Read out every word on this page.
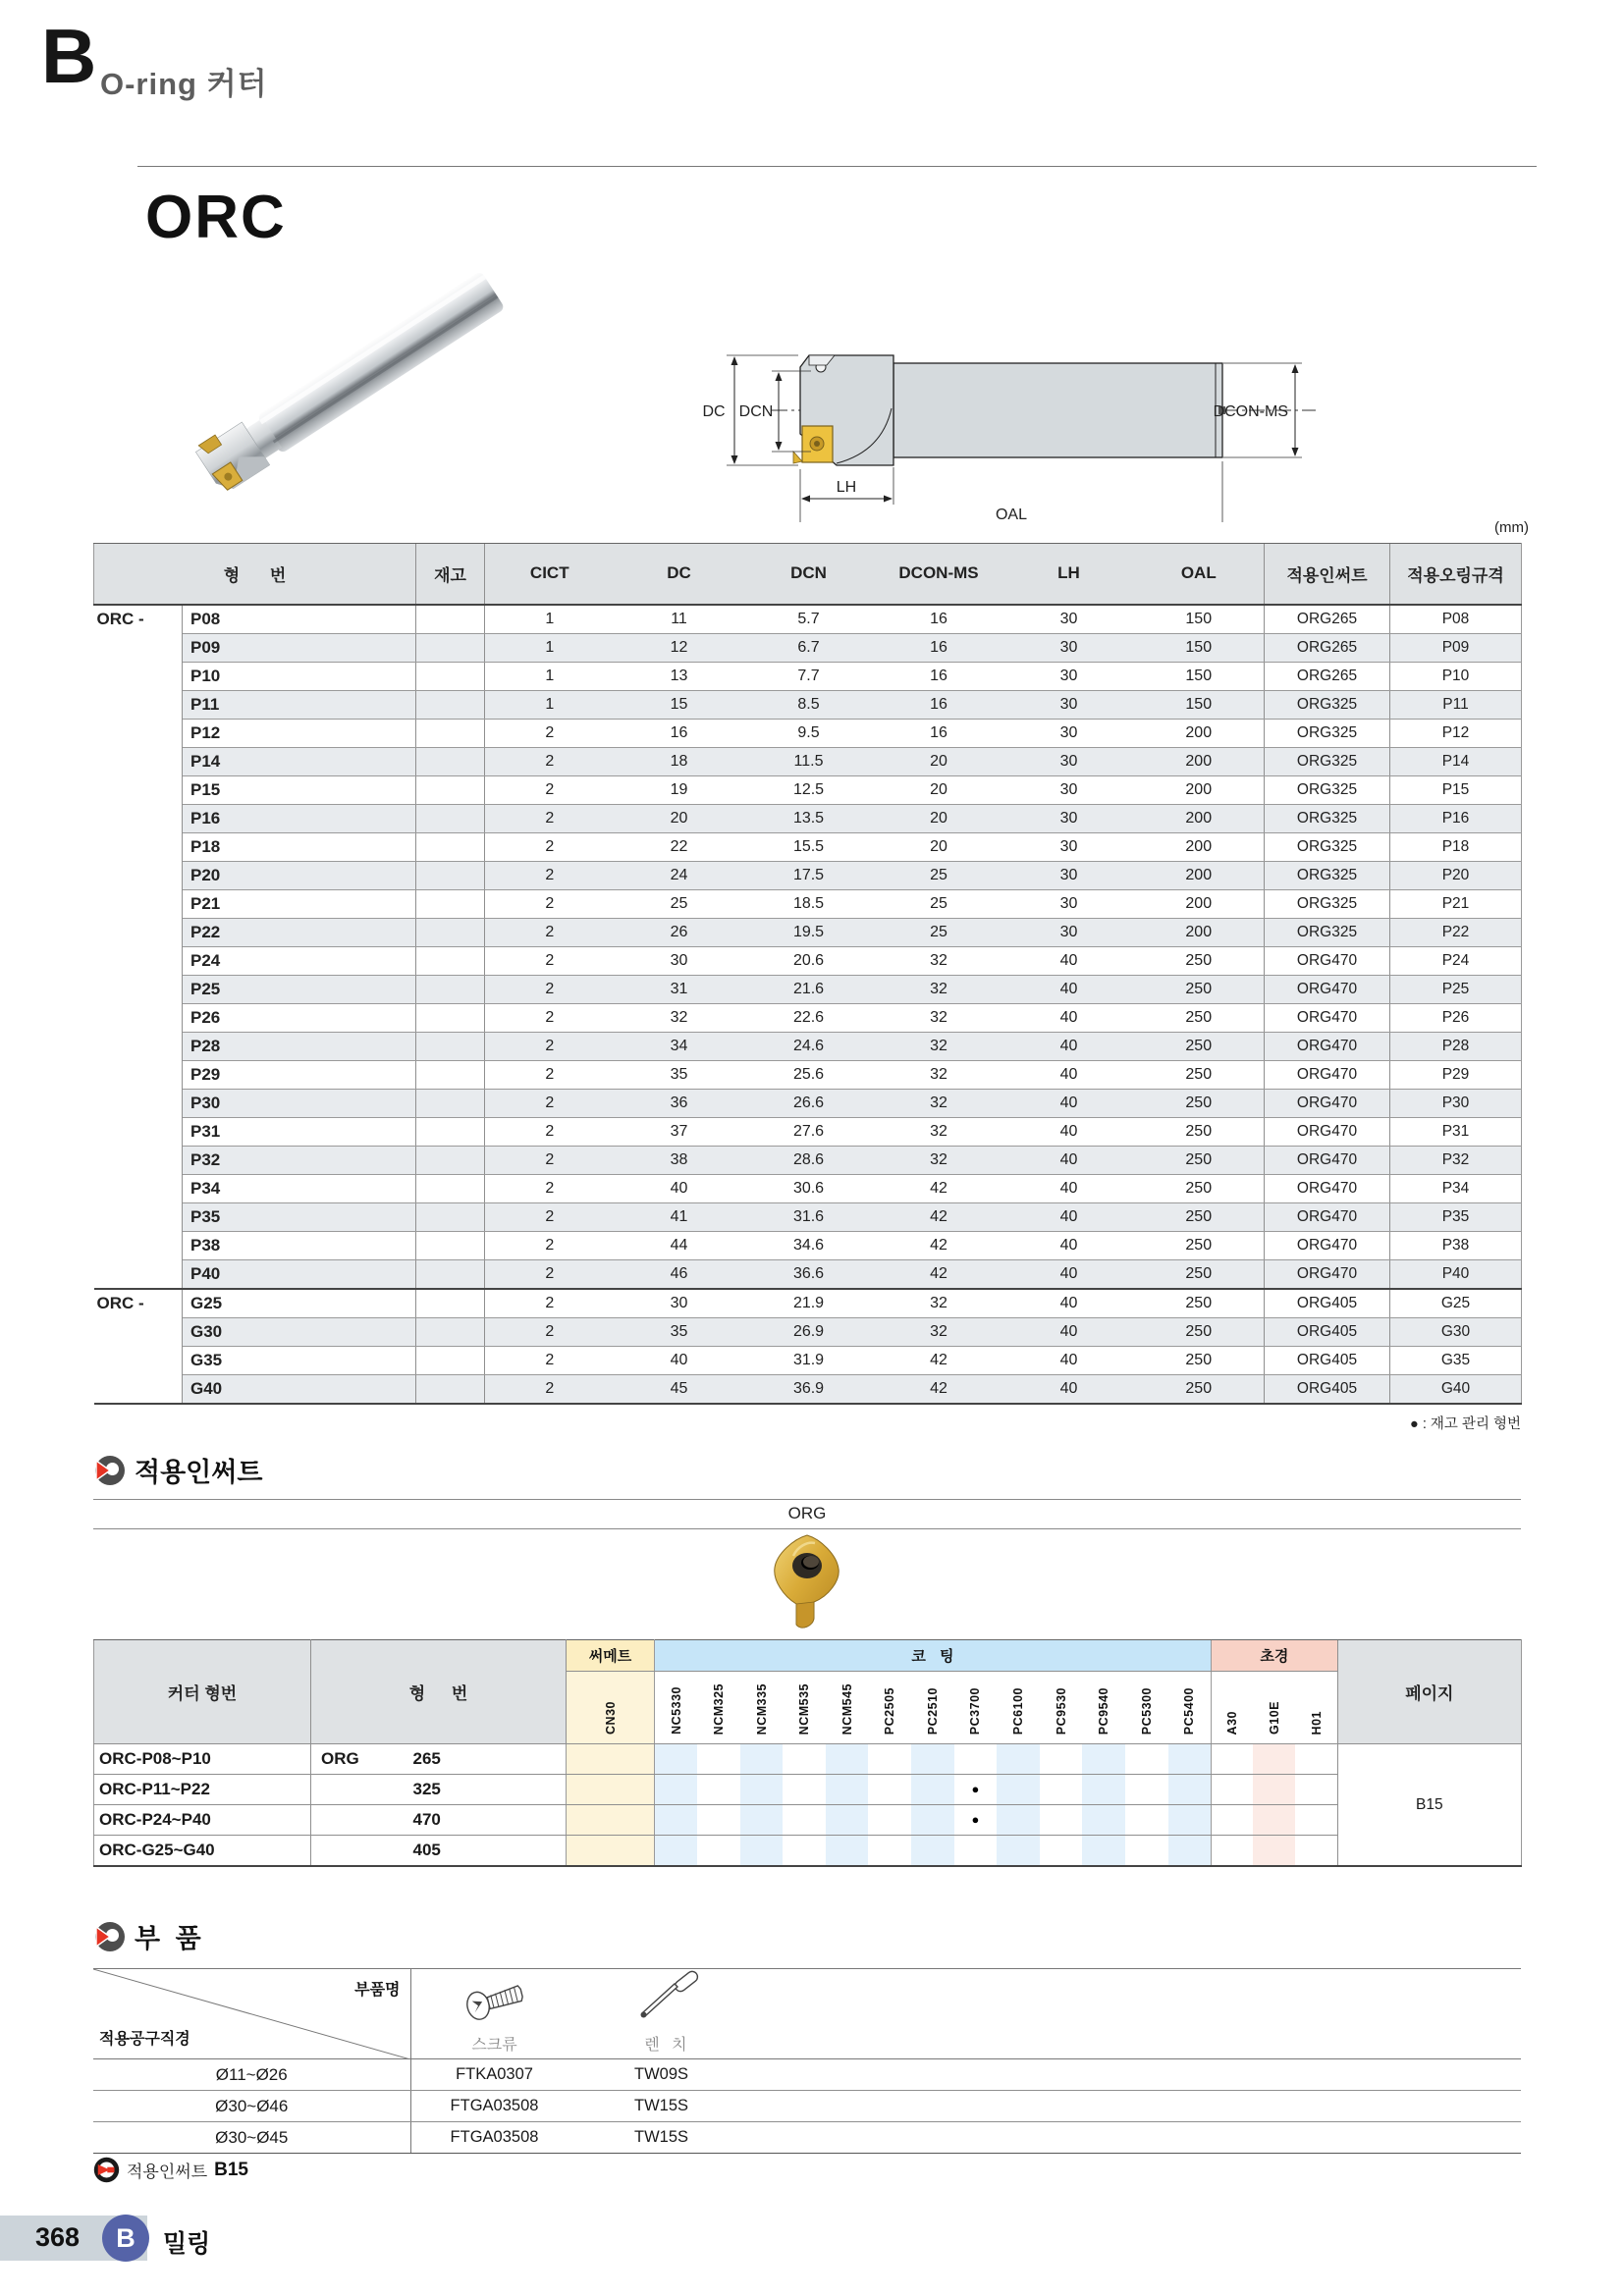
B O-ring 커터
ORC
DC DCN	DCON-MS
LH
OAL
(mm)
형 번		재고	CICT	DC	DCN	DCON-MS	LH	OAL	적용인써트	적용오링규격
ORC -	P08		1	11	5.7	16	30	150	ORG265	P08
	P09		1	12	6.7	16	30	150	ORG265	P09
	P10		1	13	7.7	16	30	150	ORG265	P10
	P11		1	15	8.5	16	30	150	ORG325	P11
	P12		2	16	9.5	16	30	200	ORG325	P12
	P14		2	18	11.5	20	30	200	ORG325	P14
	P15		2	19	12.5	20	30	200	ORG325	P15
	P16		2	20	13.5	20	30	200	ORG325	P16
	P18		2	22	15.5	20	30	200	ORG325	P18
	P20		2	24	17.5	25	30	200	ORG325	P20
	P21		2	25	18.5	25	30	200	ORG325	P21
	P22		2	26	19.5	25	30	200	ORG325	P22
	P24		2	30	20.6	32	40	250	ORG470	P24
	P25		2	31	21.6	32	40	250	ORG470	P25
	P26		2	32	22.6	32	40	250	ORG470	P26
	P28		2	34	24.6	32	40	250	ORG470	P28
	P29		2	35	25.6	32	40	250	ORG470	P29
	P30		2	36	26.6	32	40	250	ORG470	P30
	P31		2	37	27.6	32	40	250	ORG470	P31
	P32		2	38	28.6	32	40	250	ORG470	P32
	P34		2	40	30.6	42	40	250	ORG470	P34
	P35		2	41	31.6	42	40	250	ORG470	P35
	P38		2	44	34.6	42	40	250	ORG470	P38
	P40		2	46	36.6	42	40	250	ORG470	P40
ORC -	G25		2	30	21.9	32	40	250	ORG405	G25
	G30		2	35	26.9	32	40	250	ORG405	G30
	G35		2	40	31.9	42	40	250	ORG405	G35
	G40		2	45	36.9	42	40	250	ORG405	G40
● : 재고 관리 형번
적용인써트
ORG
커터 형번	형 번		써메트	코 팅													초경			페이지
			CN30	NC5330	NCM325	NCM335	NCM535	NCM545	PC2505	PC2510	PC3700	PC6100	PC9530	PC9540	PC5300	PC5400	A30	G10E	H01	
ORC-P08~P10	ORG	265																		B15
ORC-P11~P22		325									●									
ORC-P24~P40		470									●									
ORC-G25~G40		405																		
부 품
부품명
적용공구직경	스크류
	렌 치

Ø11~Ø26	FTKA0307 TW09S
Ø30~Ø46	FTGA03508 TW15S
Ø30~Ø45	FTGA03508 TW15S
적용인써트 B15
368	B	밀링
